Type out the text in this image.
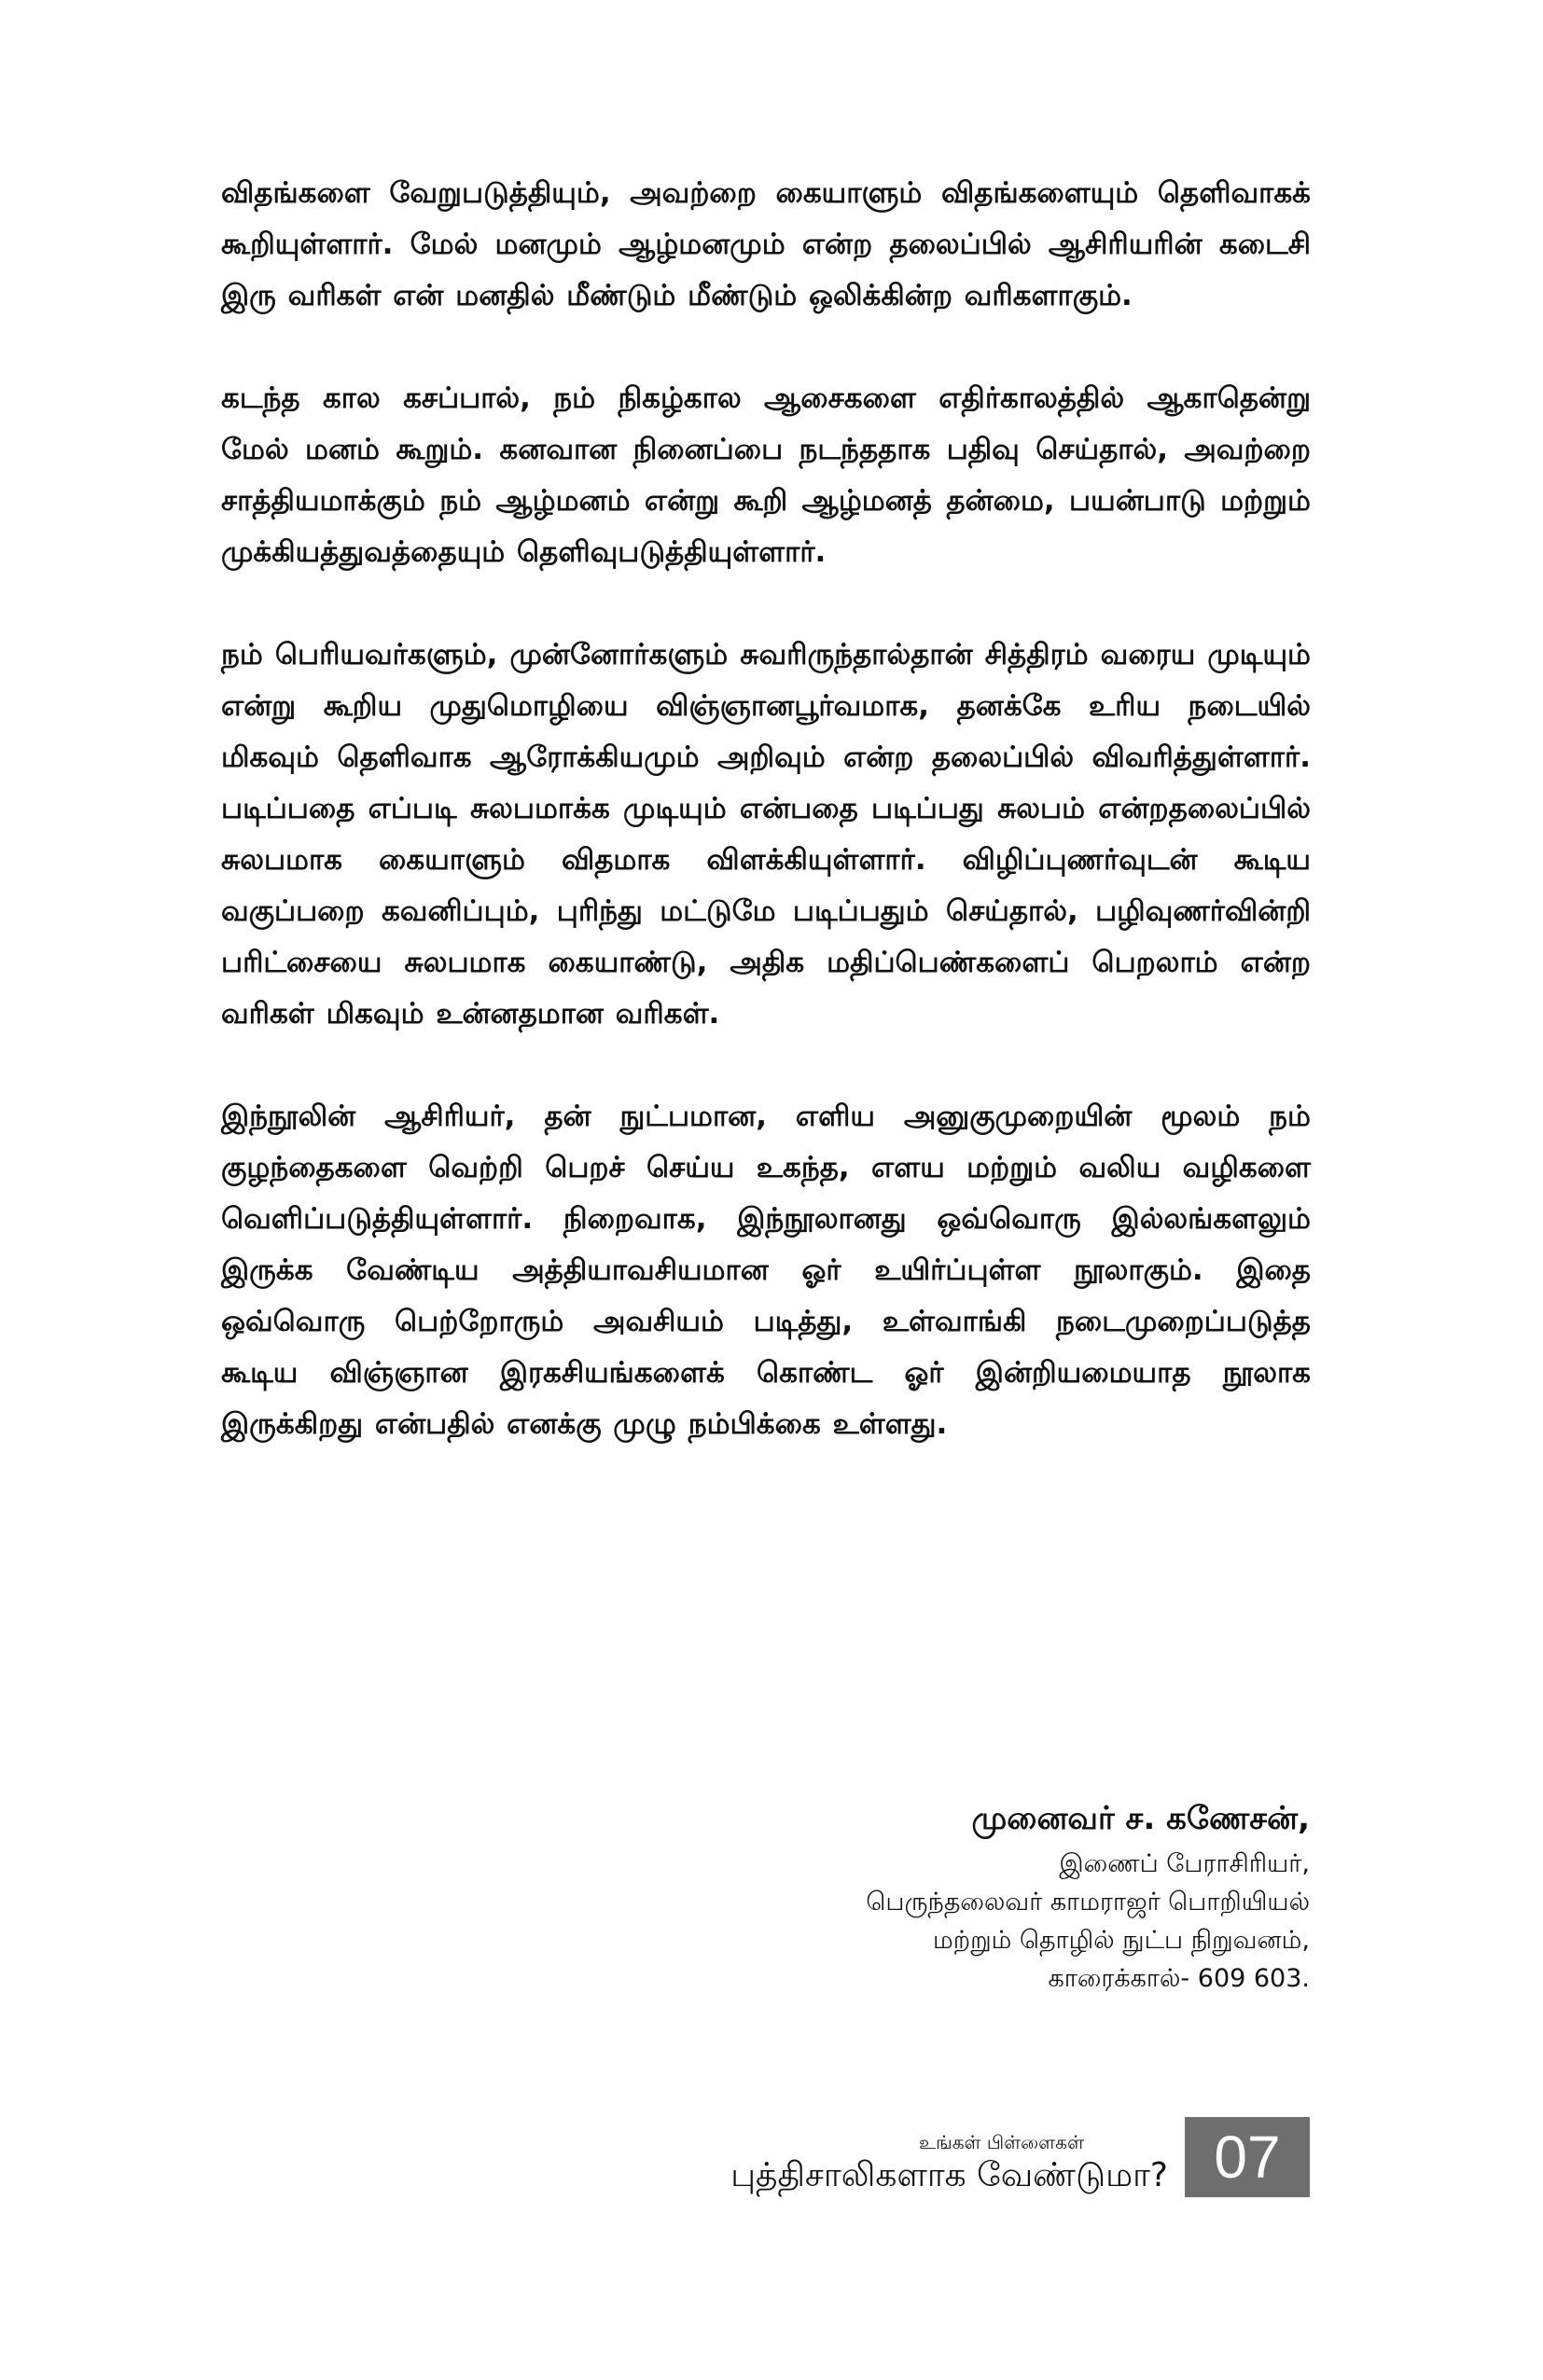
விதங்களை வேறுபடுத்தியும், அவற்றை கையாளும் விதங்களையும் தெளிவாகக் கூறியுள்ளார். மேல் மனமும் ஆழ்மனமும் என்ற தலைப்பில் ஆசிரியரின் கடைசி இரு வரிகள் என் மனதில் மீண்டும் மீண்டும் ஒலிக்கின்ற வரிகளாகும்.

கடந்த கால கசப்பால், நம் நிகழ்கால ஆசைகளை எதிர்காலத்தில் ஆகாதென்று மேல் மனம் கூறும். கனவான நினைப்பை நடந்ததாக பதிவு செய்தால், அவற்றை சாத்தியமாக்கும் நம் ஆழ்மனம் என்று கூறி ஆழ்மனத் தன்மை, பயன்பாடு மற்றும் முக்கியத்துவத்தையும் தெளிவுபடுத்தியுள்ளார்.

நம் பெரியவர்களும், முன்னோர்களும் சுவரிருந்தால்தான் சித்திரம் வரைய முடியும் என்று கூறிய முதுமொழியை விஞ்ஞானபூர்வமாக, தனக்கே உரிய நடையில் மிகவும் தெளிவாக ஆரோக்கியமும் அறிவும் என்ற தலைப்பில் விவரித்துள்ளார். படிப்பதை எப்படி சுலபமாக்க முடியும் என்பதை படிப்பது சுலபம் என்றதலைப்பில் சுலபமாக கையாளும் விதமாக விளக்கியுள்ளார். விழிப்புணர்வுடன் கூடிய வகுப்பறை கவனிப்பும், புரிந்து மட்டுமே படிப்பதும் செய்தால், பழிவுணர்வின்றி பரிட்சையை சுலபமாக கையாண்டு, அதிக மதிப்பெண்களைப் பெறலாம் என்ற வரிகள் மிகவும் உன்னதமான வரிகள்.

இந்நூலின் ஆசிரியர், தன் நுட்பமான, எளிய அனுகுமுறையின் மூலம் நம் குழந்தைகளை வெற்றி பெறச் செய்ய உகந்த, எளய மற்றும் வலிய வழிகளை வெளிப்படுத்தியுள்ளார். நிறைவாக, இந்நூலானது ஒவ்வொரு இல்லங்களலும் இருக்க வேண்டிய அத்தியாவசியமான ஓர் உயிர்ப்புள்ள நூலாகும். இதை ஒவ்வொரு பெற்றோரும் அவசியம் படித்து, உள்வாங்கி நடைமுறைப்படுத்த கூடிய விஞ்ஞான இரகசியங்களைக் கொண்ட ஓர் இன்றியமையாத நூலாக இருக்கிறது என்பதில் எனக்கு முழு நம்பிக்கை உள்ளது.

முனைவர் ச. கணேசன்,
இணைப் பேராசிரியர்,
பெருந்தலைவர் காமராஜர் பொறியியல்
மற்றும் தொழில் நுட்ப நிறுவனம்,
காரைக்கால்- 609 603.
உங்கள் பிள்ளைகள்
புத்திசாலிகளாக வேண்டுமா? 07
